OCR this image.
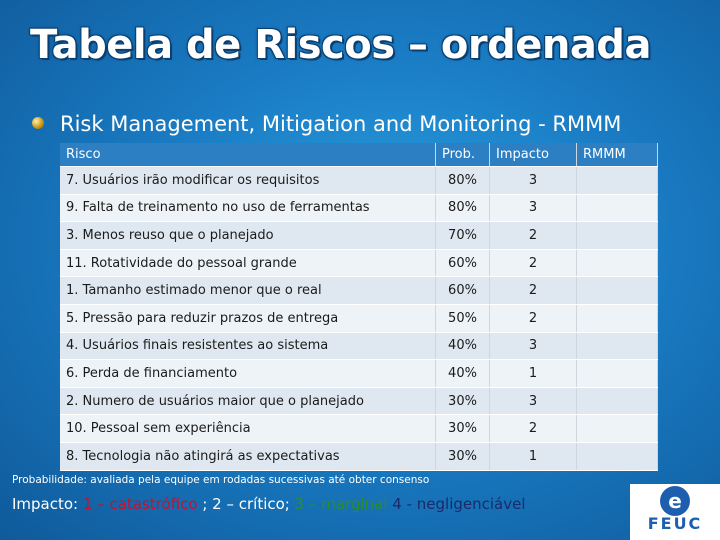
Tabela de Riscos – ordenada
Risk Management, Mitigation and Monitoring - RMMM
Risco	Prob.	Impacto	RMMM
7. Usuários irão modificar os requisitos	80%	3	
9. Falta de treinamento no uso de ferramentas	80%	3	
3. Menos reuso que o planejado	70%	2	
11. Rotatividade do pessoal grande	60%	2	
1. Tamanho estimado menor que o real	60%	2	
5. Pressão para reduzir prazos de entrega	50%	2	
4. Usuários finais resistentes ao sistema	40%	3	
6. Perda de financiamento	40%	1	
2. Numero de usuários maior que o planejado	30%	3	
10. Pessoal sem experiência	30%	2	
8. Tecnologia não atingirá as expectativas	30%	1	
Probabilidade: avaliada pela equipe em rodadas sucessivas até obter consenso
Impacto: 1 – catastrófico ; 2 – crítico; 3 – marginal 4 - negligenciável	e
FEUC
